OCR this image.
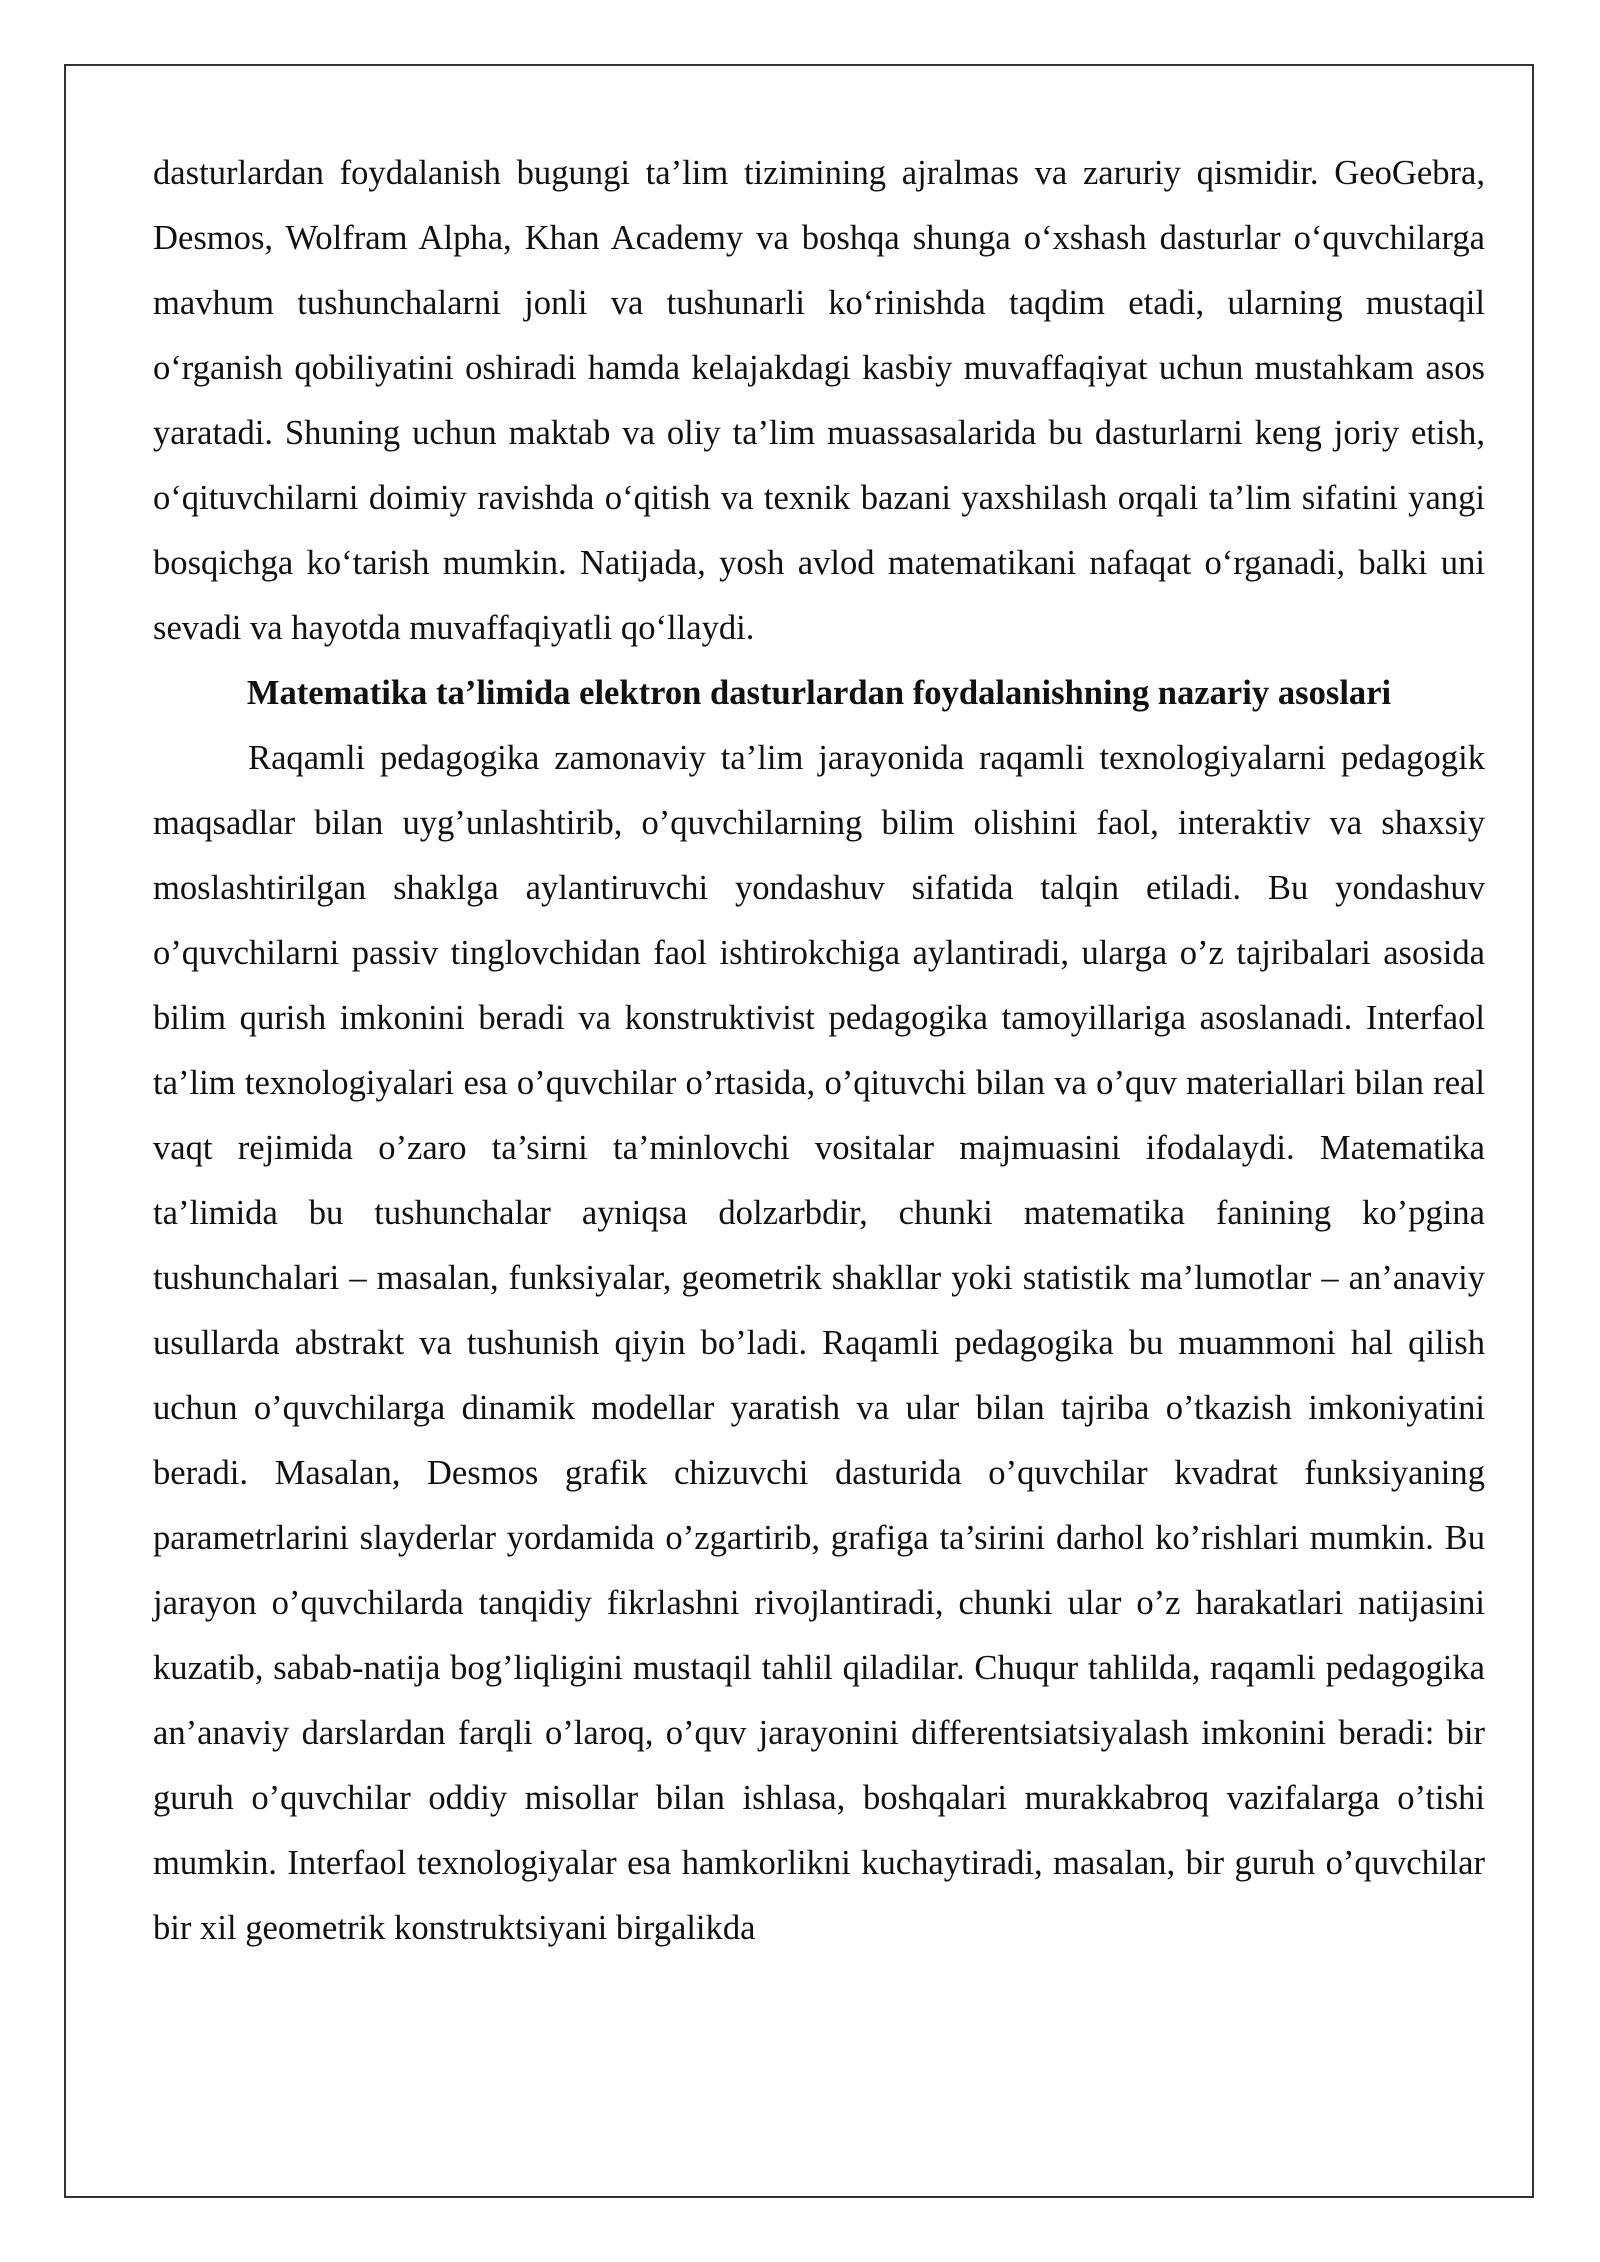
dasturlardan foydalanish bugungi ta’lim tizimining ajralmas va zaruriy qismidir. GeoGebra, Desmos, Wolfram Alpha, Khan Academy va boshqa shunga o‘xshash dasturlar o‘quvchilarga mavhum tushunchalarni jonli va tushunarli ko‘rinishda taqdim etadi, ularning mustaqil o‘rganish qobiliyatini oshiradi hamda kelajakdagi kasbiy muvaffaqiyat uchun mustahkam asos yaratadi. Shuning uchun maktab va oliy ta’lim muassasalarida bu dasturlarni keng joriy etish, o‘qituvchilarni doimiy ravishda o‘qitish va texnik bazani yaxshilash orqali ta’lim sifatini yangi bosqichga ko‘tarish mumkin. Natijada, yosh avlod matematikani nafaqat o‘rganadi, balki uni sevadi va hayotda muvaffaqiyatli qo‘llaydi.

Matematika ta’limida elektron dasturlardan foydalanishning nazariy asoslari

Raqamli pedagogika zamonaviy ta’lim jarayonida raqamli texnologiyalarni pedagogik maqsadlar bilan uyg’unlashtirib, o’quvchilarning bilim olishini faol, interaktiv va shaxsiy moslashtirilgan shaklga aylantiruvchi yondashuv sifatida talqin etiladi. Bu yondashuv o’quvchilarni passiv tinglovchidan faol ishtirokchiga aylantiradi, ularga o’z tajribalari asosida bilim qurish imkonini beradi va konstruktivist pedagogika tamoyillariga asoslanadi. Interfaol ta’lim texnologiyalari esa o’quvchilar o’rtasida, o’qituvchi bilan va o’quv materiallari bilan real vaqt rejimida o’zaro ta’sirni ta’minlovchi vositalar majmuasini ifodalaydi. Matematika ta’limida bu tushunchalar ayniqsa dolzarbdir, chunki matematika fanining ko’pgina tushunchalari – masalan, funksiyalar, geometrik shakllar yoki statistik ma’lumotlar – an’anaviy usullarda abstrakt va tushunish qiyin bo’ladi. Raqamli pedagogika bu muammoni hal qilish uchun o’quvchilarga dinamik modellar yaratish va ular bilan tajriba o’tkazish imkoniyatini beradi. Masalan, Desmos grafik chizuvchi dasturida o’quvchilar kvadrat funksiyaning parametrlarini slayderlar yordamida o’zgartirib, grafiga ta’sirini darhol ko’rishlari mumkin. Bu jarayon o’quvchilarda tanqidiy fikrlashni rivojlantiradi, chunki ular o’z harakatlari natijasini kuzatib, sabab-natija bog’liqligini mustaqil tahlil qiladilar. Chuqur tahlilda, raqamli pedagogika an’anaviy darslardan farqli o’laroq, o’quv jarayonini differentsiatsiyalash imkonini beradi: bir guruh o’quvchilar oddiy misollar bilan ishlasa, boshqalari murakkabroq vazifalarga o’tishi mumkin. Interfaol texnologiyalar esa hamkorlikni kuchaytiradi, masalan, bir guruh o’quvchilar bir xil geometrik konstruktsiyani birgalikda
